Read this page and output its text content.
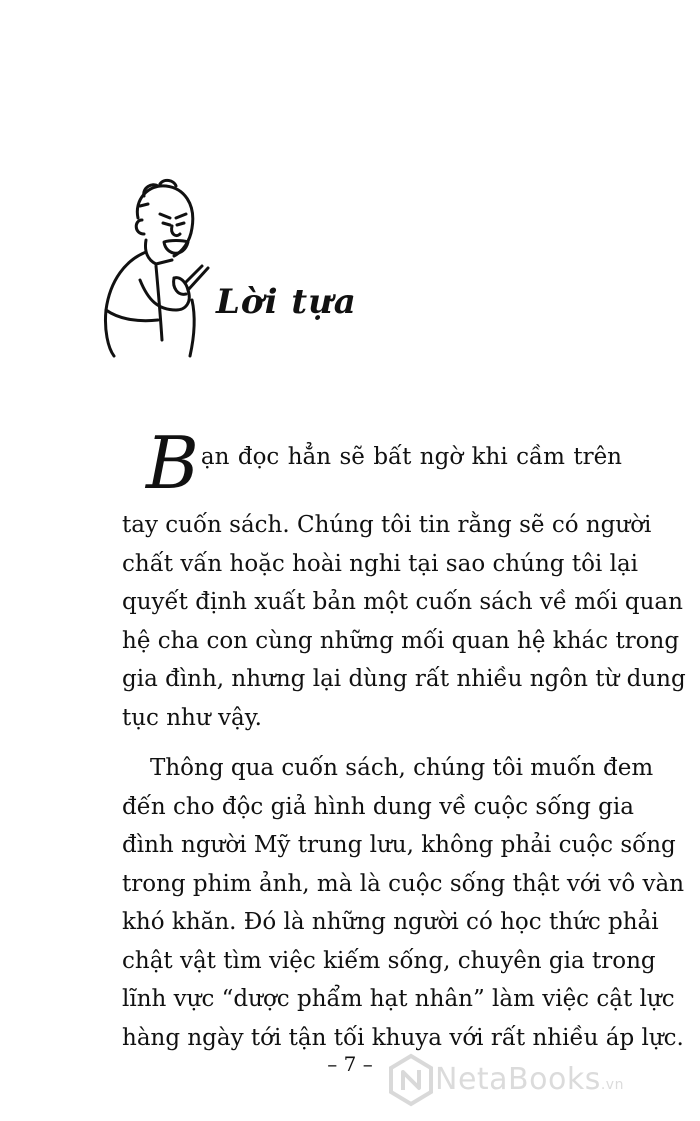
Lời tựa

B ạn đọc hẳn sẽ bất ngờ khi cầm trên
tay cuốn sách. Chúng tôi tin rằng sẽ có người
chất vấn hoặc hoài nghi tại sao chúng tôi lại
quyết định xuất bản một cuốn sách về mối quan
hệ cha con cùng những mối quan hệ khác trong
gia đình, nhưng lại dùng rất nhiều ngôn từ dung
tục như vậy.

Thông qua cuốn sách, chúng tôi muốn đem
đến cho độc giả hình dung về cuộc sống gia
đình người Mỹ trung lưu, không phải cuộc sống
trong phim ảnh, mà là cuộc sống thật với vô vàn
khó khăn. Đó là những người có học thức phải
chật vật tìm việc kiếm sống, chuyên gia trong
lĩnh vực “dược phẩm hạt nhân” làm việc cật lực
hàng ngày tới tận tối khuya với rất nhiều áp lực.

– 7 –	NetaBooks.vn
